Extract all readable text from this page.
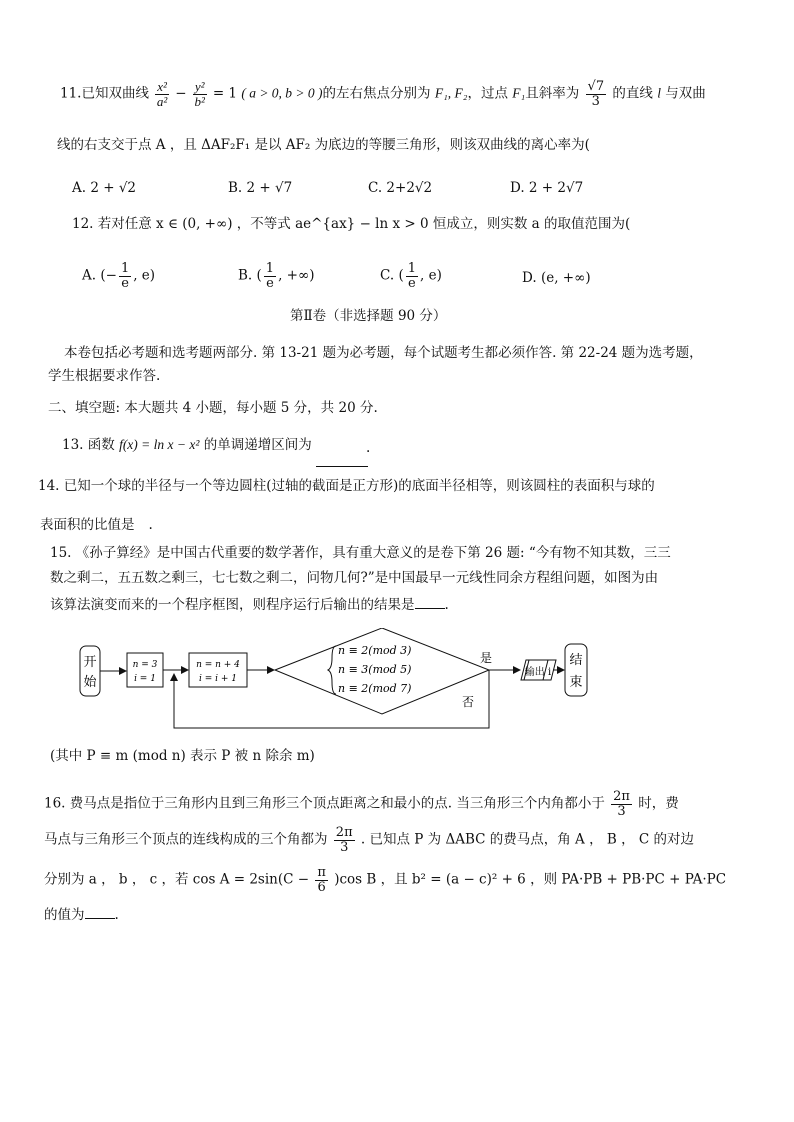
11.已知双曲线 $\frac{\text{x²}}{\text{a²}} - \frac{\text{y²}}{\text{b²}} = 1$ ( a > 0, b > 0 )的左右焦点分别为 F₁, F₂，过点 F₁且斜率为 $\frac{√7}{3}$ 的直线 l 与双曲
线的右支交于点 A ，且 ΔAF₂F₁ 是以 AF₂ 为底边的等腰三角形，则该双曲线的离心率为(
A. 2 + √2	B. 2 + √7	C. 2+2√2	D. 2 + 2√7
12. 若对任意 x ∈ (0, +∞) ，不等式 ae^{ax} − ln x > 0 恒成立，则实数 a 的取值范围为(
A. (− $\frac{1}{e}$ , e)	B. ( $\frac{1}{e}$ , +∞)	C. ( $\frac{1}{e}$ , e)	D. (e, +∞)
第Ⅱ卷（非选择题 90 分）
本卷包括必考题和选考题两部分. 第 13-21 题为必考题，每个试题考生都必须作答. 第 22-24 题为选考题，
学生根据要求作答.
二、填空题: 本大题共 4 小题，每小题 5 分，共 20 分.
13. 函数 f(x) = ln x − x² 的单调递增区间为	.
14. 已知一个球的半径与一个等边圆柱(过轴的截面是正方形)的底面半径相等，则该圆柱的表面积与球的
表面积的比值是 .
15. 《孙子算经》是中国古代重要的数学著作，具有重大意义的是卷下第 26 题: “今有物不知其数，三三
数之剩二，五五数之剩三，七七数之剩二，问物几何?”是中国最早一元线性同余方程组问题，如图为由
该算法演变而来的一个程序框图，则程序运行后输出的结果是 .
开
始
n = 3
i = 1
n = n + 4
i = i + 1
n ≡ 2(mod 3)
n ≡ 3(mod 5)
n ≡ 2(mod 7)
是
输出 i
结
束
否
(其中 P ≡ m (mod n) 表示 P 被 n 除余 m)
16. 费马点是指位于三角形内且到三角形三个顶点距离之和最小的点. 当三角形三个内角都小于 $\frac{2\pi}{3}$ 时，费
马点与三角形三个顶点的连线构成的三个角都为 $\frac{2\pi}{3}$ . 已知点 P 为 ΔABC 的费马点，角 A ， B ， C 的对边
分别为 a ， b ， c ，若 $\cos A = 2\sin(C - \frac{\pi}{6} )\cos$ B ，且 b² = (a − c)² + 6 ，则 PA·PB + PB·PC + PA·PC
的值为 .
